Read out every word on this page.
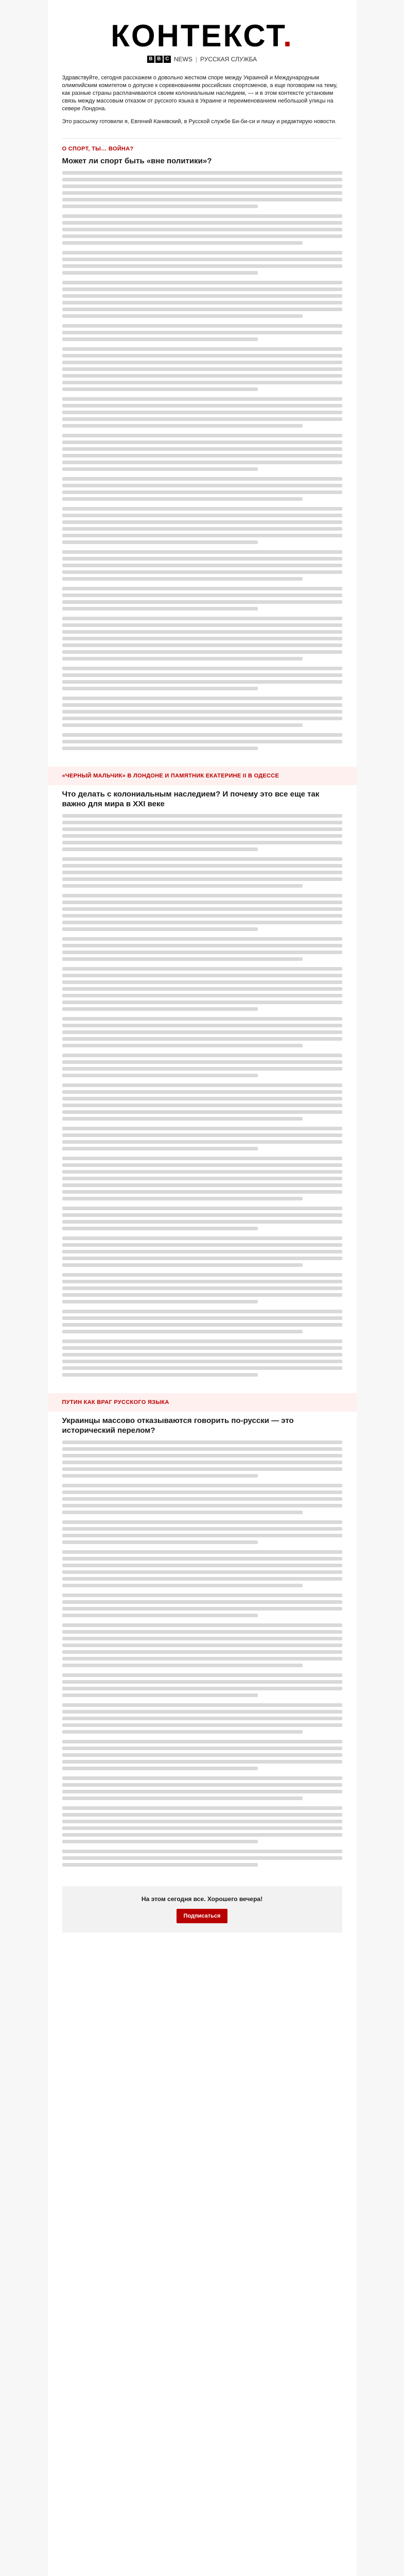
КОНТЕКСТ.
B B C NEWS | РУССКАЯ СЛУЖБА

Здравствуйте, сегодня расскажем о довольно жестком споре между Украиной и Международным олимпийским комитетом о допуске к соревнованиям российских спортсменов, а еще поговорим на тему, как разные страны расплачиваются своим колониальным наследием, — и в этом контексте установим связь между массовым отказом от русского языка в Украине и переименованием небольшой улицы на севере Лондона.

Это рассылку готовили я, Евгений Канивский, в Русской службе Би-би-си и пишу и редактирую новости.

О СПОРТ, ТЫ… ВОЙНА?
Может ли спорт быть «вне политики»?
«ЧЕРНЫЙ МАЛЬЧИК» В ЛОНДОНЕ И ПАМЯТНИК ЕКАТЕРИНЕ II В ОДЕССЕ
Что делать с колониальным наследием? И почему это все еще так важно для мира в XXI веке
ПУТИН КАК ВРАГ РУССКОГО ЯЗЫКА
Украинцы массово отказываются говорить по-русски — это исторический перелом?
На этом сегодня все. Хорошего вечера!
Подписаться
